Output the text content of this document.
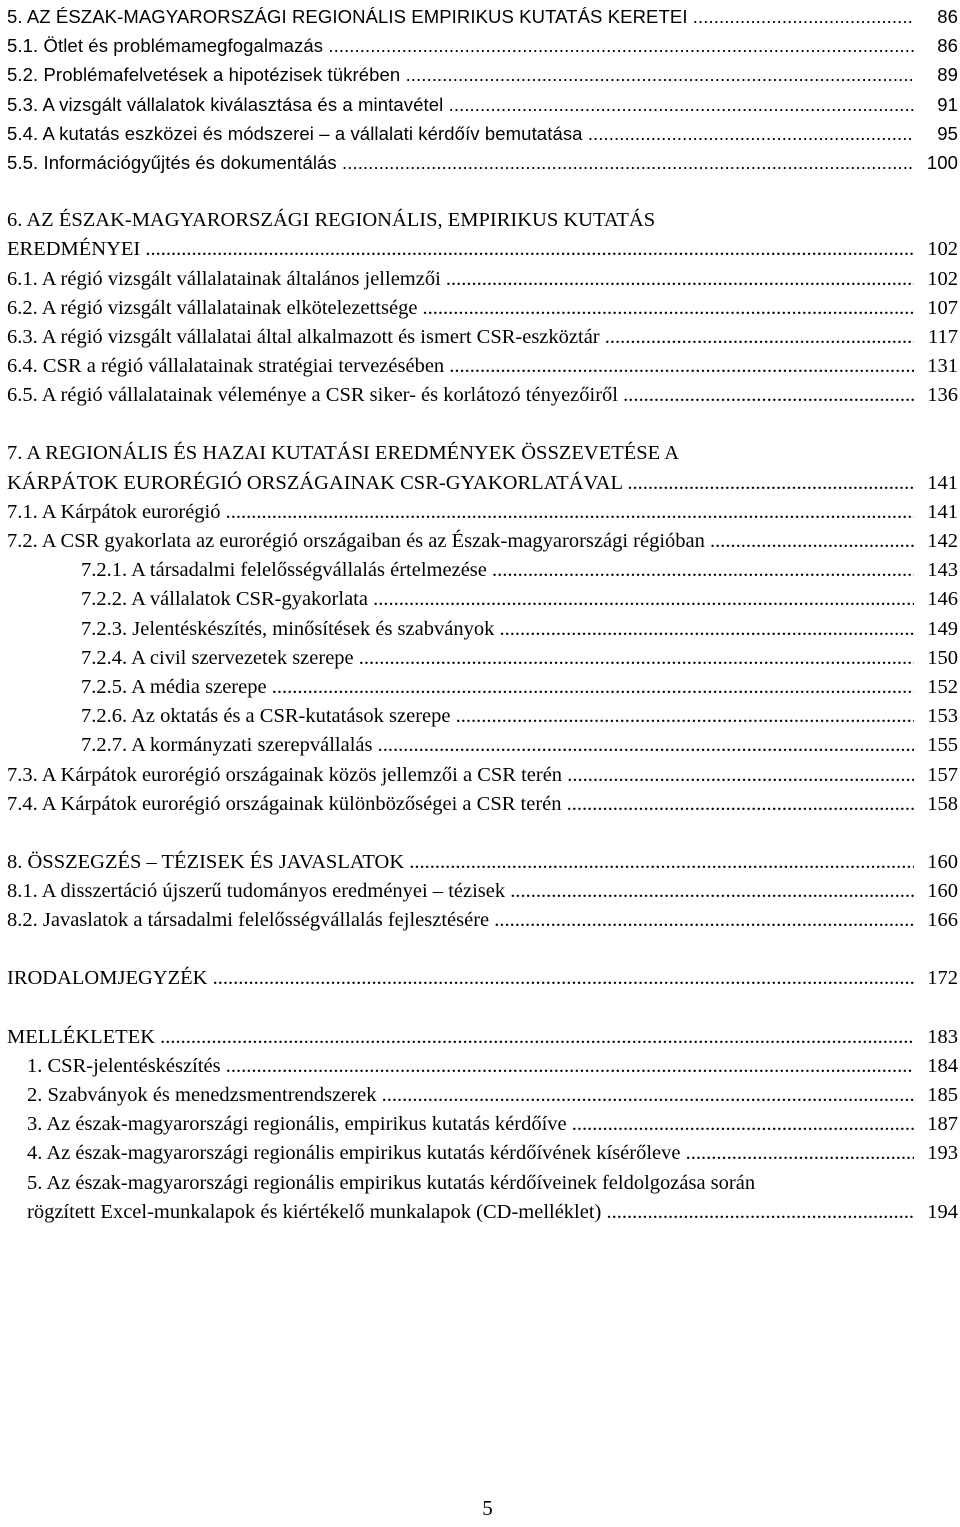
5. AZ ÉSZAK-MAGYARORSZÁGI REGIONÁLIS EMPIRIKUS KUTATÁS KERETEI .....	86
5.1. Ötlet és problémamegfogalmazás .....	86
5.2. Problémafelvetések a hipotézisek tükrében .....	89
5.3. A vizsgált vállalatok kiválasztása és a mintavétel .....	91
5.4. A kutatás eszközei és módszerei – a vállalati kérdőív bemutatása .....	95
5.5. Információgyűjtés és dokumentálás .....	100
6. AZ ÉSZAK-MAGYARORSZÁGI REGIONÁLIS, EMPIRIKUS KUTATÁS
EREDMÉNYEI .....	102
6.1. A régió vizsgált vállalatainak általános jellemzői .....	102
6.2. A régió vizsgált vállalatainak elkötelezettsége .....	107
6.3. A régió vizsgált vállalatai által alkalmazott és ismert CSR-eszköztár .....	117
6.4. CSR a régió vállalatainak stratégiai tervezésében .....	131
6.5. A régió vállalatainak véleménye a CSR siker- és korlátozó tényezőiről .....	136
7. A REGIONÁLIS ÉS HAZAI KUTATÁSI EREDMÉNYEK ÖSSZEVETÉSE A
KÁRPÁTOK EURORÉGIÓ ORSZÁGAINAK CSR-GYAKORLATÁVAL .....	141
7.1. A Kárpátok eurorégió .....	141
7.2. A CSR gyakorlata az eurorégió országaiban és az Észak-magyarországi régióban .....	142
7.2.1. A társadalmi felelősségvállalás értelmezése .....	143
7.2.2. A vállalatok CSR-gyakorlata .....	146
7.2.3. Jelentéskészítés, minősítések és szabványok .....	149
7.2.4. A civil szervezetek szerepe .....	150
7.2.5. A média szerepe .....	152
7.2.6. Az oktatás és a CSR-kutatások szerepe .....	153
7.2.7. A kormányzati szerepvállalás .....	155
7.3. A Kárpátok eurorégió országainak közös jellemzői a CSR terén .....	157
7.4. A Kárpátok eurorégió országainak különbözőségei a CSR terén .....	158
8. ÖSSZEGZÉS – TÉZISEK ÉS JAVASLATOK .....	160
8.1. A disszertáció újszerű tudományos eredményei – tézisek .....	160
8.2. Javaslatok a társadalmi felelősségvállalás fejlesztésére .....	166
IRODALOMJEGYZÉK .....	172
MELLÉKLETEK .....	183
1. CSR-jelentéskészítés .....	184
2. Szabványok és menedzsmentrendszerek .....	185
3. Az észak-magyarországi regionális, empirikus kutatás kérdőíve .....	187
4. Az észak-magyarországi regionális empirikus kutatás kérdőívének kísérőleve .....	193
5. Az észak-magyarországi regionális empirikus kutatás kérdőíveinek feldolgozása során
rögzített Excel-munkalapok és kiértékelő munkalapok (CD-melléklet) .....	194
5
